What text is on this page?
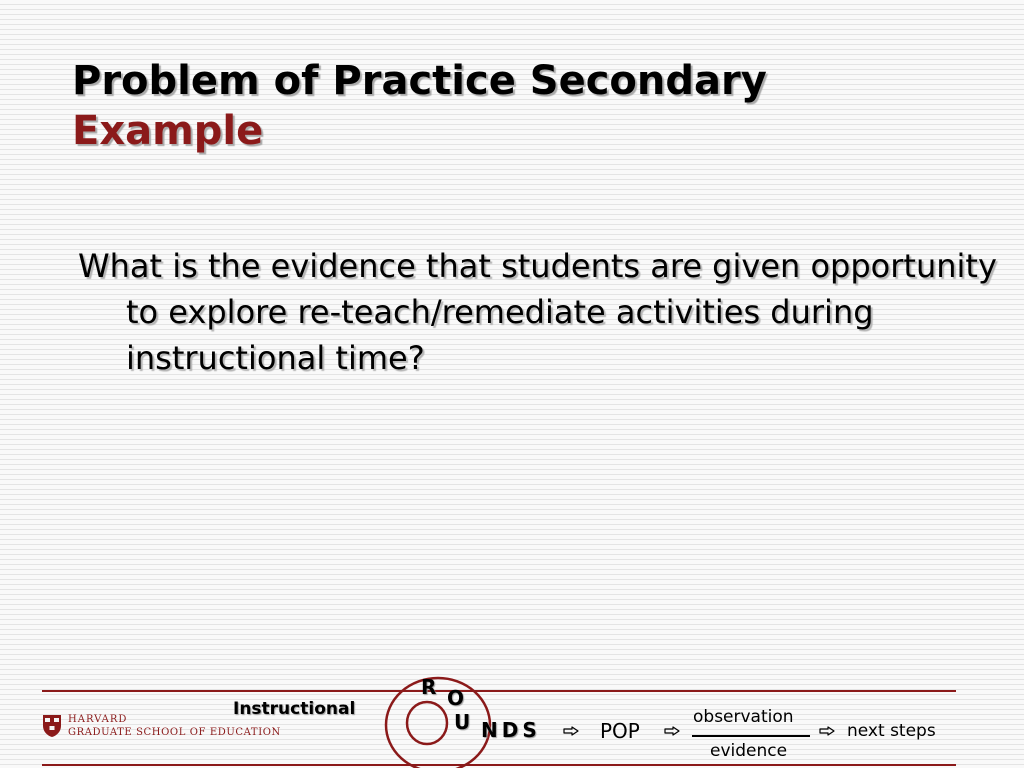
Problem of Practice Secondary
Example

What is the evidence that students are given opportunity to explore re-teach/remediate activities during instructional time?

HARVARD
GRADUATE SCHOOL OF EDUCATION
Instructional
R O
U NDS	POP
observation
evidence
next steps
